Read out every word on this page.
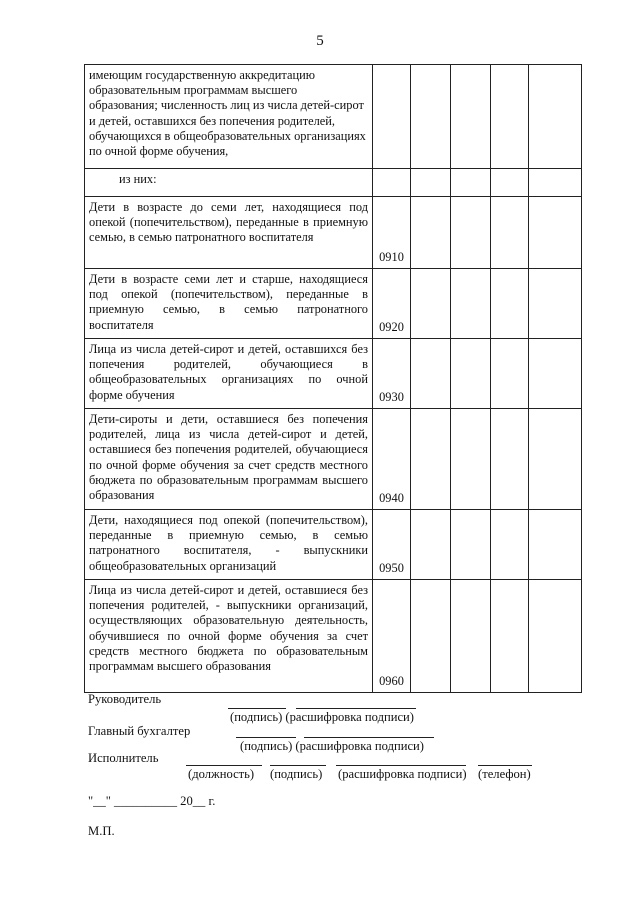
5
имеющим государственную аккредитацию образовательным программам высшего образования; численность лиц из числа детей-сирот и детей, оставшихся без попечения родителей, обучающихся в общеобразовательных организациях по очной форме обучения,					
из них:					
Дети в возрасте до семи лет, находящиеся под опекой (попечительством), переданные в приемную семью, в семью патронатного воспитателя	0910				
Дети в возрасте семи лет и старше, находящиеся под опекой (попечительством), переданные в приемную семью, в семью патронатного воспитателя	0920				
Лица из числа детей-сирот и детей, оставшихся без попечения родителей, обучающиеся в общеобразовательных организациях по очной форме обучения	0930				
Дети-сироты и дети, оставшиеся без попечения родителей, лица из числа детей-сирот и детей, оставшиеся без попечения родителей, обучающиеся по очной форме обучения за счет средств местного бюджета по образовательным программам высшего образования	0940				
Дети, находящиеся под опекой (попечительством), переданные в приемную семью, в семью патронатного воспитателя, - выпускники общеобразовательных организаций	0950				
Лица из числа детей-сирот и детей, оставшиеся без попечения родителей, - выпускники организаций, осуществляющих образовательную деятельность, обучившиеся по очной форме обучения за счет средств местного бюджета по образовательным программам высшего образования	0960				
Руководитель
(подпись) (расшифровка подписи)
Главный бухгалтер
(подпись) (расшифровка подписи)
Исполнитель
(должность) (подпись) (расшифровка подписи) (телефон)
"__" __________ 20__ г.
М.П.
